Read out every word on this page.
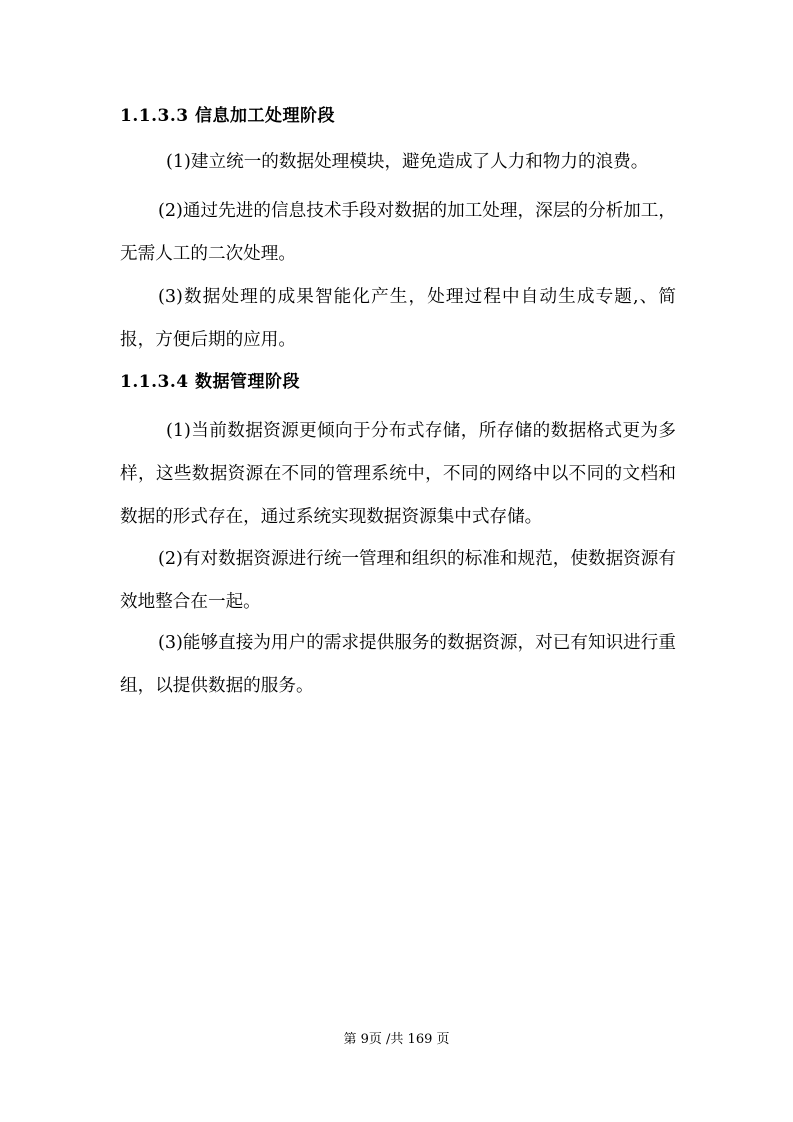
1.1.3.3 信息加工处理阶段

(1)建立统一的数据处理模块，避免造成了人力和物力的浪费。

(2)通过先进的信息技术手段对数据的加工处理，深层的分析加工，无需人工的二次处理。

(3)数据处理的成果智能化产生，处理过程中自动生成专题,、简报，方便后期的应用。

1.1.3.4 数据管理阶段

(1)当前数据资源更倾向于分布式存储，所存储的数据格式更为多样，这些数据资源在不同的管理系统中，不同的网络中以不同的文档和数据的形式存在，通过系统实现数据资源集中式存储。

(2)有对数据资源进行统一管理和组织的标准和规范，使数据资源有效地整合在一起。

(3)能够直接为用户的需求提供服务的数据资源，对已有知识进行重组，以提供数据的服务。

第 9页 /共 169 页
